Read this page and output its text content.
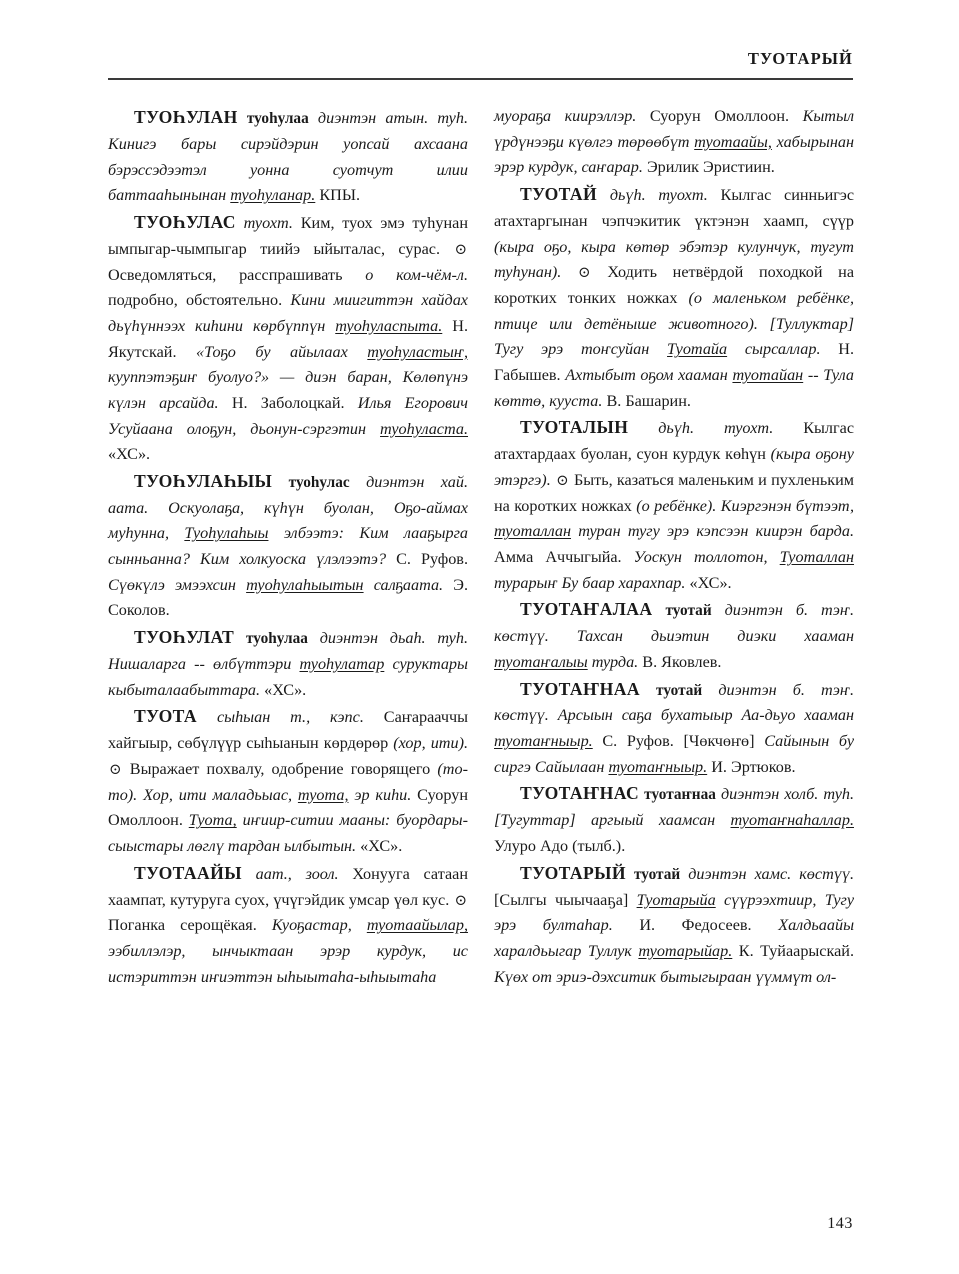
ТУОТАРЫЙ

ТУОҺУЛАН туоһулаа диэнтэн атын. туһ. Кинигэ бары сирэйдэрин уопсай ахсаана бэрэссэдээтэл уонна суотчут илии баттааһынынан туоһуланар. КПЫ.

ТУОҺУЛАС туохт. Ким, туох эмэ туһунан ымпыгар-чымпыгар тиийэ ыйыталас, сурас. ⊙ Осведомляться, расспрашивать о ком-чём-л. подробно, обстоятельно. Кини миигиттэн хайдах дьүһүннээх киһини көрбүппүн туоһуласпыта. Н. Якутскай. «Тоҕо бу айылаах туоһуластыҥ, кууппэтэҕиҥ буолуо?» — диэн баран, Көлөпүнэ күлэн арсайда. Н. Заболоцкай. Илья Егорович Усуйаана олоҕун, дьонун-сэргэтин туоһуласта. «ХС».

ТУОҺУЛАҺЫЫ туоһулас диэнтэн хай. аата. Оскуолаҕа, күһүн буолан, Оҕо-аймах муһунна, Туоһулаһыы элбээтэ: Ким лааҕырга сынньанна? Ким холкуоска үлэлээтэ? С. Руфов. Сүөкүлэ эмээхсин туоһулаһыытын салҕаата. Э. Соколов.

ТУОҺУЛАТ туоһулаа диэнтэн дьаһ. туһ. Нишаларга -- өлбүттэри туоһулатар суруктары кыбыталаабыттара. «ХС».

ТУОТА сыһыан т., кэпс. Саҥарааччы хайгыыр, сөбүлүүр сыһыанын көрдөрөр (хор, ити). ⊙ Выражает похвалу, одобрение говорящего (то-то). Хор, ити маладьыас, туота, эр киһи. Суорун Омоллоон. Туота, иҥиир-ситии мааны: буордары-сыыстары лөглү тардан ылбытын. «ХС».

ТУОТААЙЫ аат., зоол. Хонууга сатаан хаампат, кутуруга суох, үчүгэйдик умсар үөл кус. ⊙ Поганка серощёкая. Куоҕастар, туотаайылар, ээбиллэлэр, ынчыктаан эрэр курдук, ис истэриттэн иҥиэттэн ыһыытаһа-ыһыытаһа

муораҕа киирэллэр. Суорун Омоллоон. Кытыл үрдүнээҕи күөлгэ төрөөбүт туотаайы, хабырынан эрэр курдук, саҥарар. Эрилик Эристиин.

ТУОТАЙ дьүһ. туохт. Кылгас синньигэс атахтаргынан чэпчэкитик үктэнэн хаамп, сүүр (кыра оҕо, кыра көтөр эбэтэр кулунчук, тугут туһунан). ⊙ Ходить нетвёрдой походкой на коротких тонких ножках (о маленьком ребёнке, птице или детёныше животного). [Туллуктар] Тугу эрэ тоҥсуйан Туотайа сырсаллар. Н. Габышев. Ахтыбыт оҕом хааман туотайан -- Тула көттө, кууста. В. Башарин.

ТУОТАЛЫН дьүһ. туохт. Кылгас атахтардаах буолан, суон курдук көһүн (кыра оҕону этэргэ). ⊙ Быть, казаться маленьким и пухленьким на коротких ножках (о ребёнке). Киэргэнэн бүтээт, туоталлан туран тугу эрэ кэпсээн киирэн барда. Амма Аччыгыйа. Уоскун толлотон, Туоталлан турарыҥ Бу баар харахпар. «ХС».

ТУОТАҤАЛАА туотай диэнтэн б. тэҥ. көстүү. Тахсан дьиэтин диэки хааман туотаҥалыы турда. В. Яковлев.

ТУОТАҤНАА туотай диэнтэн б. тэҥ. көстүү. Арсыын саҕа бухатыыр Аа-дьуо хааман туотаҥныыр. С. Руфов. [Чөкчөҥө] Сайынын бу сиргэ Сайылаан туотаҥныыр. И. Эртюков.

ТУОТАҤНАС туотаҥнаа диэнтэн холб. туһ. [Тугуттар] аргыый хаамсан туотаҥнаһаллар. Улуро Адо (тылб.).

ТУОТАРЫЙ туотай диэнтэн хамс. көстүү. [Сылгы чыычааҕа] Туотарыйа сүүрээхтиир, Тугу эрэ бултаһар. И. Федосеев. Халдьаайы харалдьыгар Туллук туотарыйар. К. Туйаарыскай. Күөх от эриэ-дэхситик бытыгыраан үүммүт ол-

143
